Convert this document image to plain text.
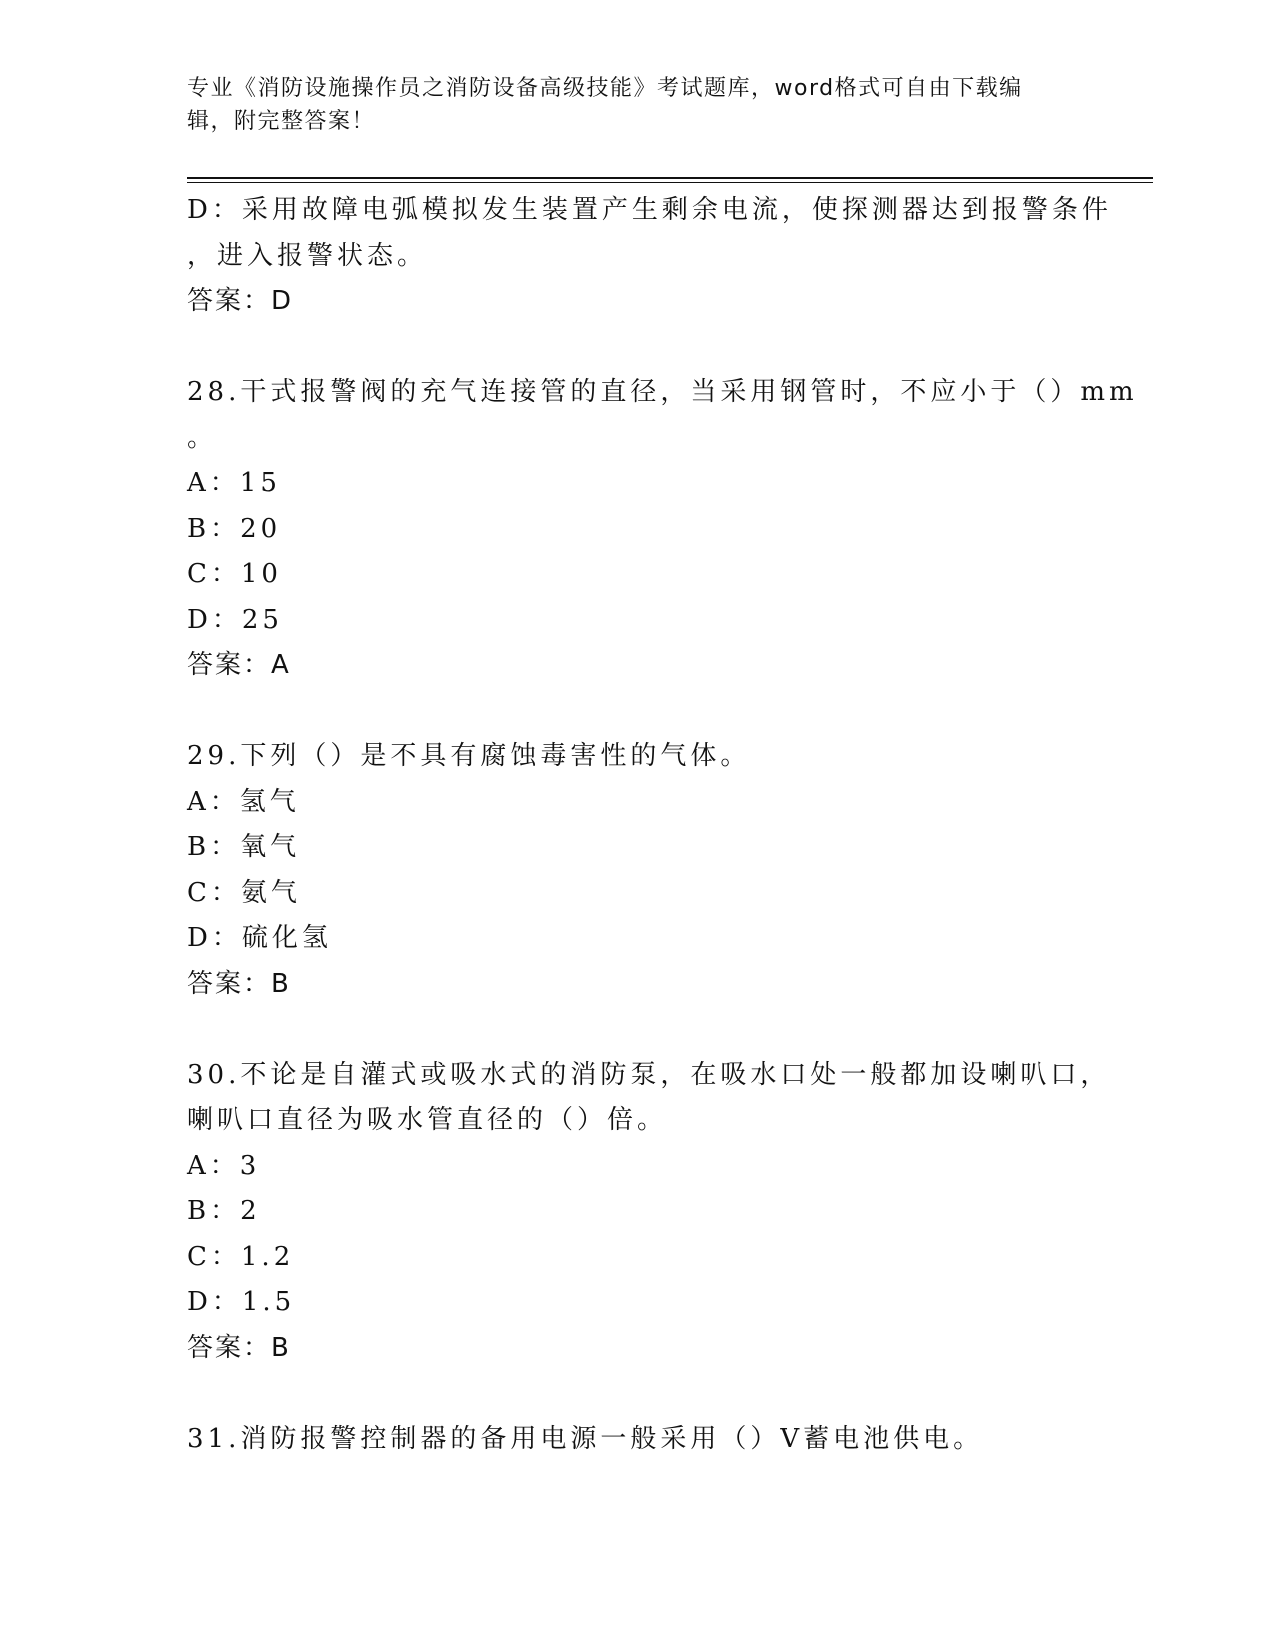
专业《消防设施操作员之消防设备高级技能》考试题库，word格式可自由下载编
辑，附完整答案！
D：采用故障电弧模拟发生装置产生剩余电流，使探测器达到报警条件
，进入报警状态。
答案：D
28.干式报警阀的充气连接管的直径，当采用钢管时，不应小于（）mm
。
A：15
B：20
C：10
D：25
答案：A
29.下列（）是不具有腐蚀毒害性的气体。
A：氢气
B：氧气
C：氨气
D：硫化氢
答案：B
30.不论是自灌式或吸水式的消防泵，在吸水口处一般都加设喇叭口，
喇叭口直径为吸水管直径的（）倍。
A：3
B：2
C：1.2
D：1.5
答案：B
31.消防报警控制器的备用电源一般采用（）V蓄电池供电。
